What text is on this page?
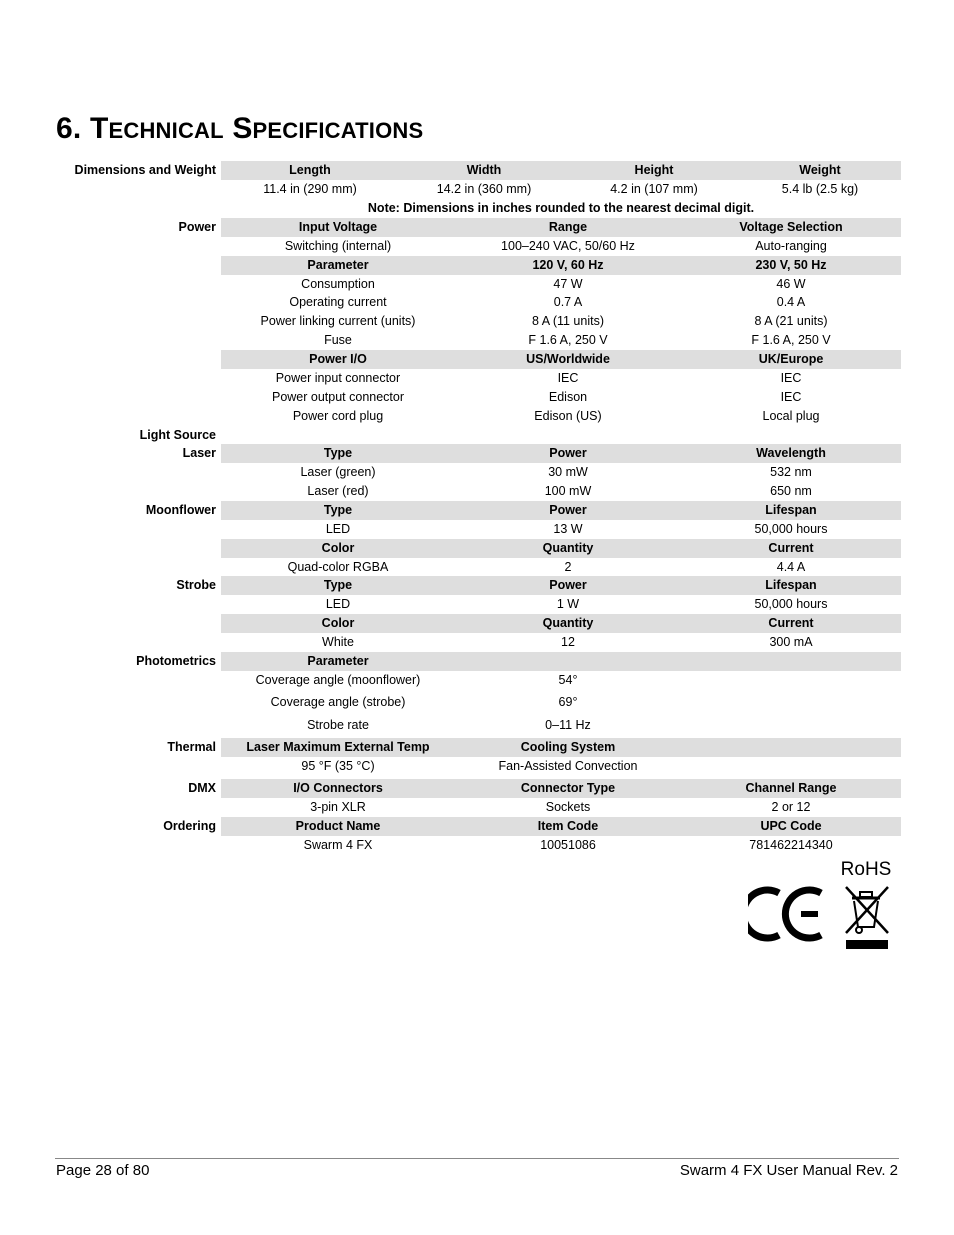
6. TECHNICAL SPECIFICATIONS
Dimensions and Weight	Length	Width	Height	Weight
11.4 in (290 mm)	14.2 in (360 mm)	4.2 in (107 mm)	5.4 lb (2.5 kg)
Note: Dimensions in inches rounded to the nearest decimal digit.
Power	Input Voltage	Range	Voltage Selection
Switching (internal)	100–240 VAC, 50/60 Hz	Auto-ranging
Parameter	120 V, 60 Hz	230 V, 50 Hz
Consumption	47 W	46 W
Operating current	0.7 A	0.4 A
Power linking current (units)	8 A (11 units)	8 A (21 units)
Fuse	F 1.6 A, 250 V	F 1.6 A, 250 V
Power I/O	US/Worldwide	UK/Europe
Power input connector	IEC	IEC
Power output connector	Edison	IEC
Power cord plug	Edison (US)	Local plug
Light Source
Laser	Type	Power	Wavelength
Laser (green)	30 mW	532 nm
Laser (red)	100 mW	650 nm
Moonflower	Type	Power	Lifespan
LED	13 W	50,000 hours
Color	Quantity	Current
Quad-color RGBA	2	4.4 A
Strobe	Type	Power	Lifespan
LED	1 W	50,000 hours
Color	Quantity	Current
White	12	300 mA
Photometrics	Parameter
Coverage angle (moonflower)	54°
Coverage angle (strobe)	69°
Strobe rate	0–11 Hz
Thermal	Laser Maximum External Temp	Cooling System
95 °F (35 °C)	Fan-Assisted Convection
DMX	I/O Connectors	Connector Type	Channel Range
3-pin XLR	Sockets	2 or 12
Ordering	Product Name	Item Code	UPC Code
Swarm 4 FX	10051086	781462214340
RoHS
Page 28 of 80	Swarm 4 FX User Manual Rev. 2
